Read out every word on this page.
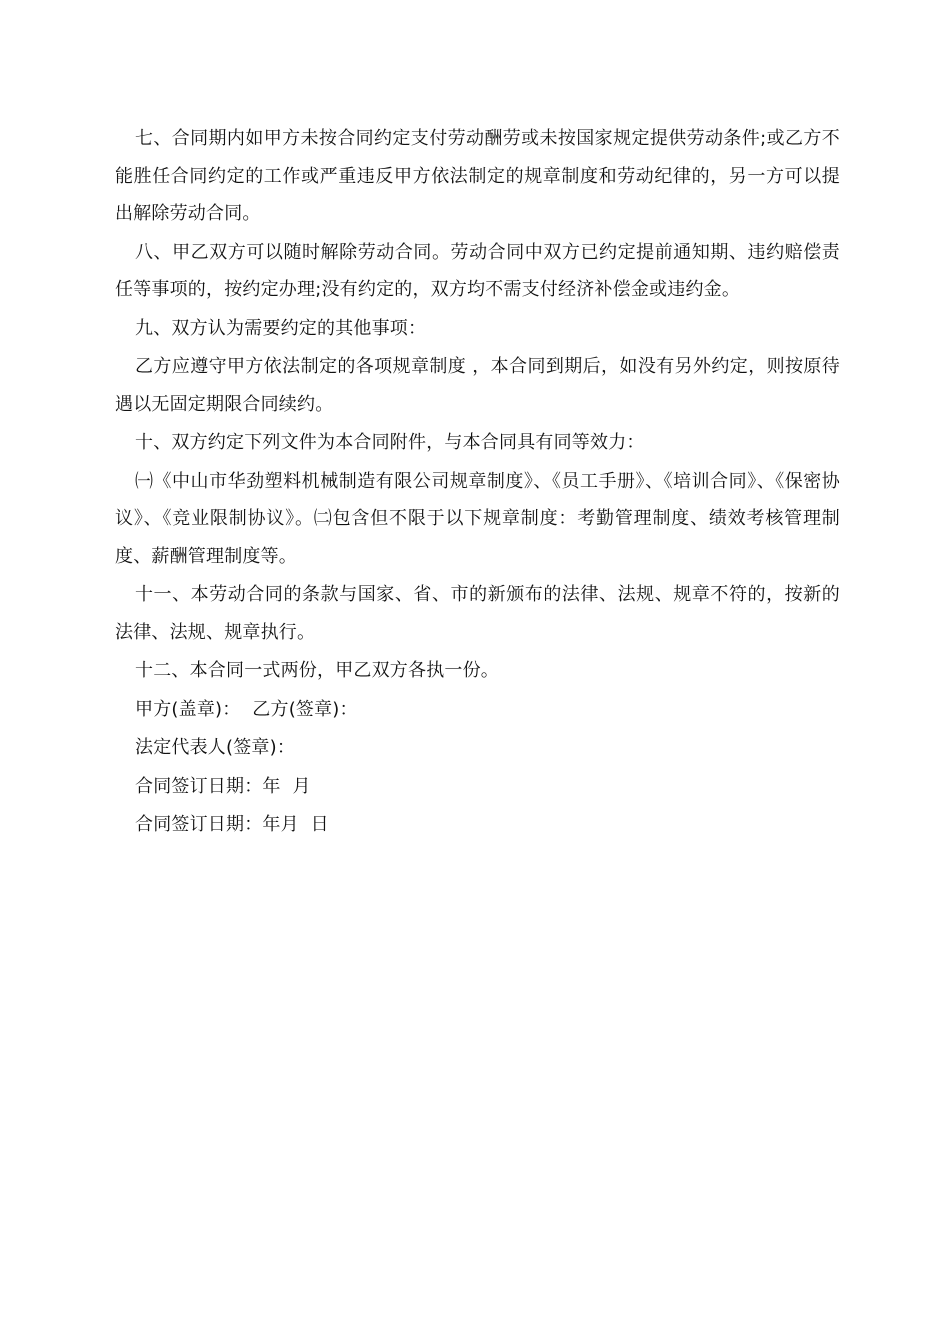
七、合同期内如甲方未按合同约定支付劳动酬劳或未按国家规定提供劳动条件;或乙方不能胜任合同约定的工作或严重违反甲方依法制定的规章制度和劳动纪律的，另一方可以提出解除劳动合同。

八、甲乙双方可以随时解除劳动合同。劳动合同中双方已约定提前通知期、违约赔偿责任等事项的，按约定办理;没有约定的，双方均不需支付经济补偿金或违约金。

九、双方认为需要约定的其他事项：

乙方应遵守甲方依法制定的各项规章制度 ，本合同到期后，如没有另外约定，则按原待遇以无固定期限合同续约。

十、双方约定下列文件为本合同附件，与本合同具有同等效力：

㈠《中山市华劲塑料机械制造有限公司规章制度》、《员工手册》、《培训合同》、《保密协议》、《竞业限制协议》。㈡包含但不限于以下规章制度：考勤管理制度、绩效考核管理制度、薪酬管理制度等。

十一、本劳动合同的条款与国家、省、市的新颁布的法律、法规、规章不符的，按新的法律、法规、规章执行。

十二、本合同一式两份，甲乙双方各执一份。

甲方(盖章)：  乙方(签章)：

法定代表人(签章)：

合同签订日期：年  月

合同签订日期：年月  日
